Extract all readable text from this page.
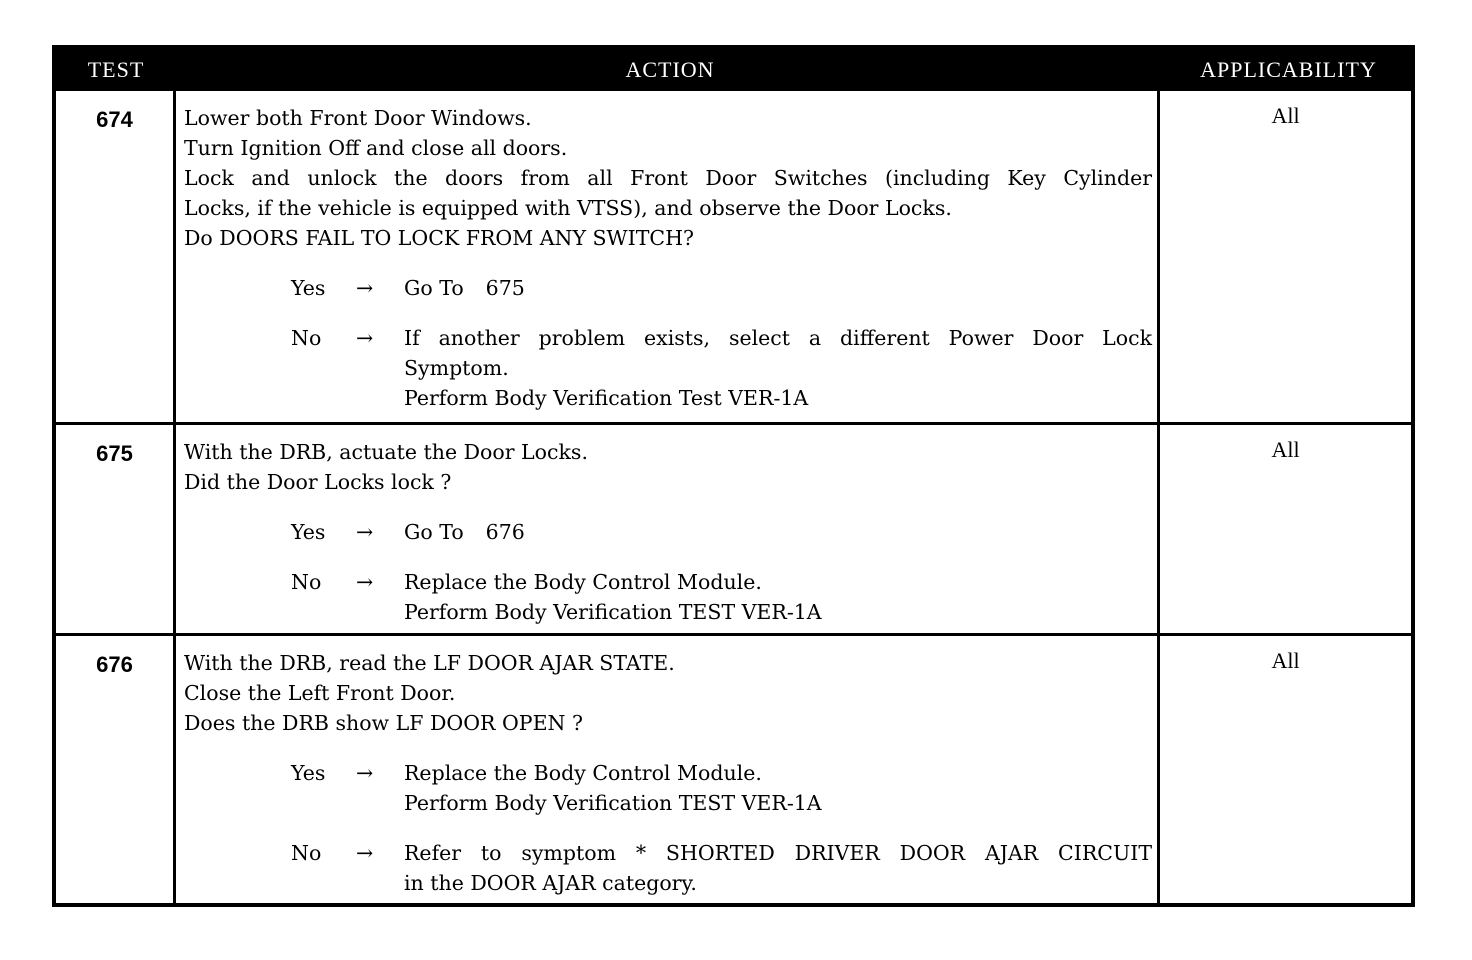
TEST	ACTION	APPLICABILITY
674	Lower both Front Door Windows.
Turn Ignition Off and close all doors.
Lock and unlock the doors from all Front Door Switches (including Key Cylinder
Locks, if the vehicle is equipped with VTSS), and observe the Door Locks.
Do DOORS FAIL TO LOCK FROM ANY SWITCH?
Yes → Go To 675
No → If another problem exists, select a different Power Door Lock
Symptom.
Perform Body Verification Test VER-1A
All
675	With the DRB, actuate the Door Locks.
Did the Door Locks lock ?
Yes → Go To 676
No → Replace the Body Control Module.
Perform Body Verification TEST VER-1A
All
676	With the DRB, read the LF DOOR AJAR STATE.
Close the Left Front Door.
Does the DRB show LF DOOR OPEN ?
Yes → Replace the Body Control Module.
Perform Body Verification TEST VER-1A
No → Refer to symptom * SHORTED DRIVER DOOR AJAR CIRCUIT
in the DOOR AJAR category.
All
